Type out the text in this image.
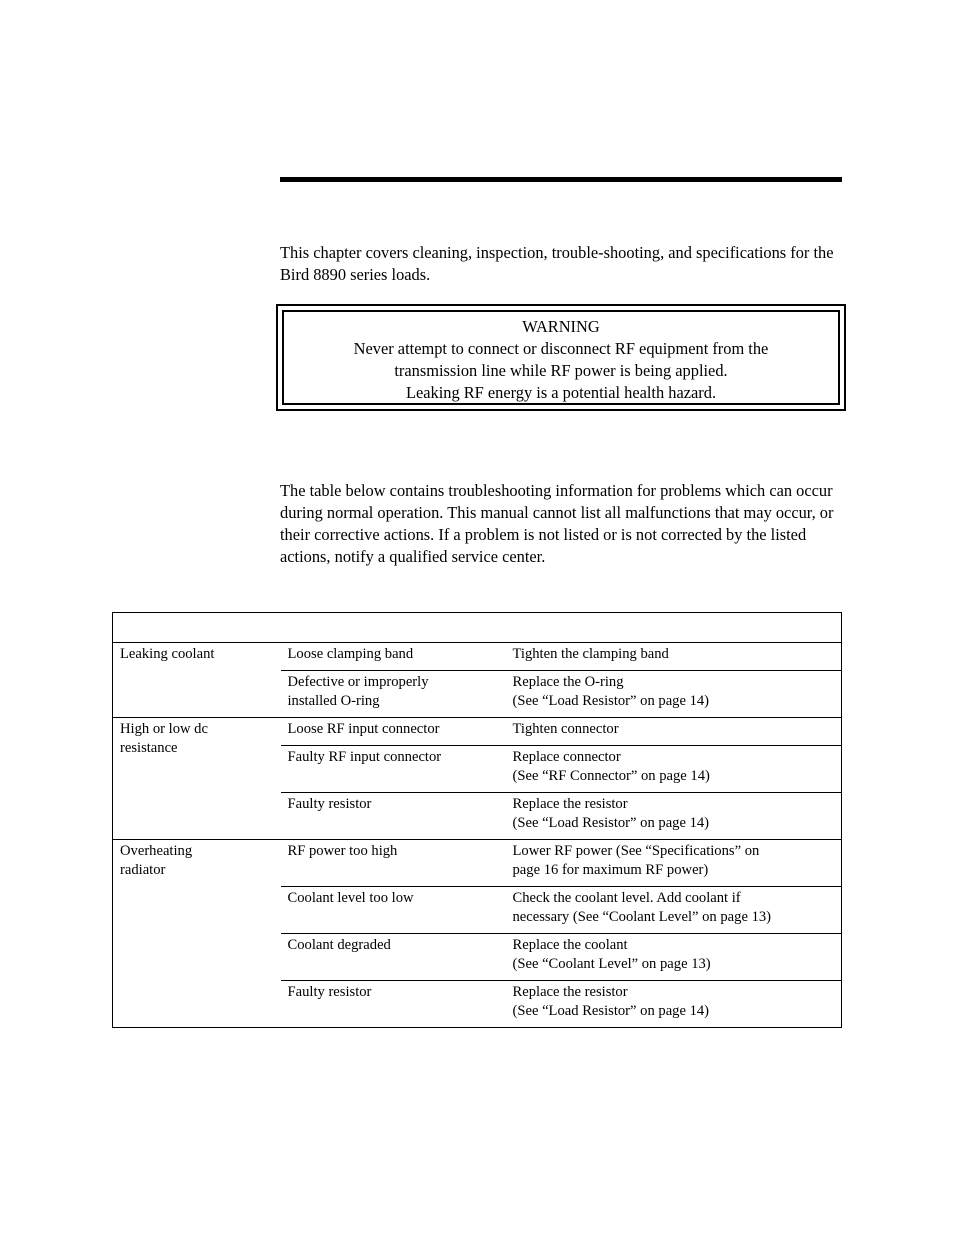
This chapter covers cleaning, inspection, trouble-shooting, and specifications for the Bird 8890 series loads.

WARNING
Never attempt to connect or disconnect RF equipment from the
transmission line while RF power is being applied.
Leaking RF energy is a potential health hazard.

The table below contains troubleshooting information for problems which can occur during normal operation. This manual cannot list all malfunctions that may occur, or their corrective actions. If a problem is not listed or is not corrected by the listed actions, notify a qualified service center.

Leaking coolant	Loose clamping band	Tighten the clamping band

	Defective or improperly
installed O-ring	Replace the O-ring
(See “Load Resistor” on page 14)

High or low dc
resistance	Loose RF input connector	Tighten connector

	Faulty RF input connector	Replace connector
(See “RF Connector” on page 14)

	Faulty resistor	Replace the resistor
(See “Load Resistor” on page 14)

Overheating
radiator	RF power too high	Lower RF power (See “Specifications” on
page 16 for maximum RF power)

	Coolant level too low	Check the coolant level. Add coolant if
necessary (See “Coolant Level” on page 13)

	Coolant degraded	Replace the coolant
(See “Coolant Level” on page 13)

	Faulty resistor	Replace the resistor
(See “Load Resistor” on page 14)
